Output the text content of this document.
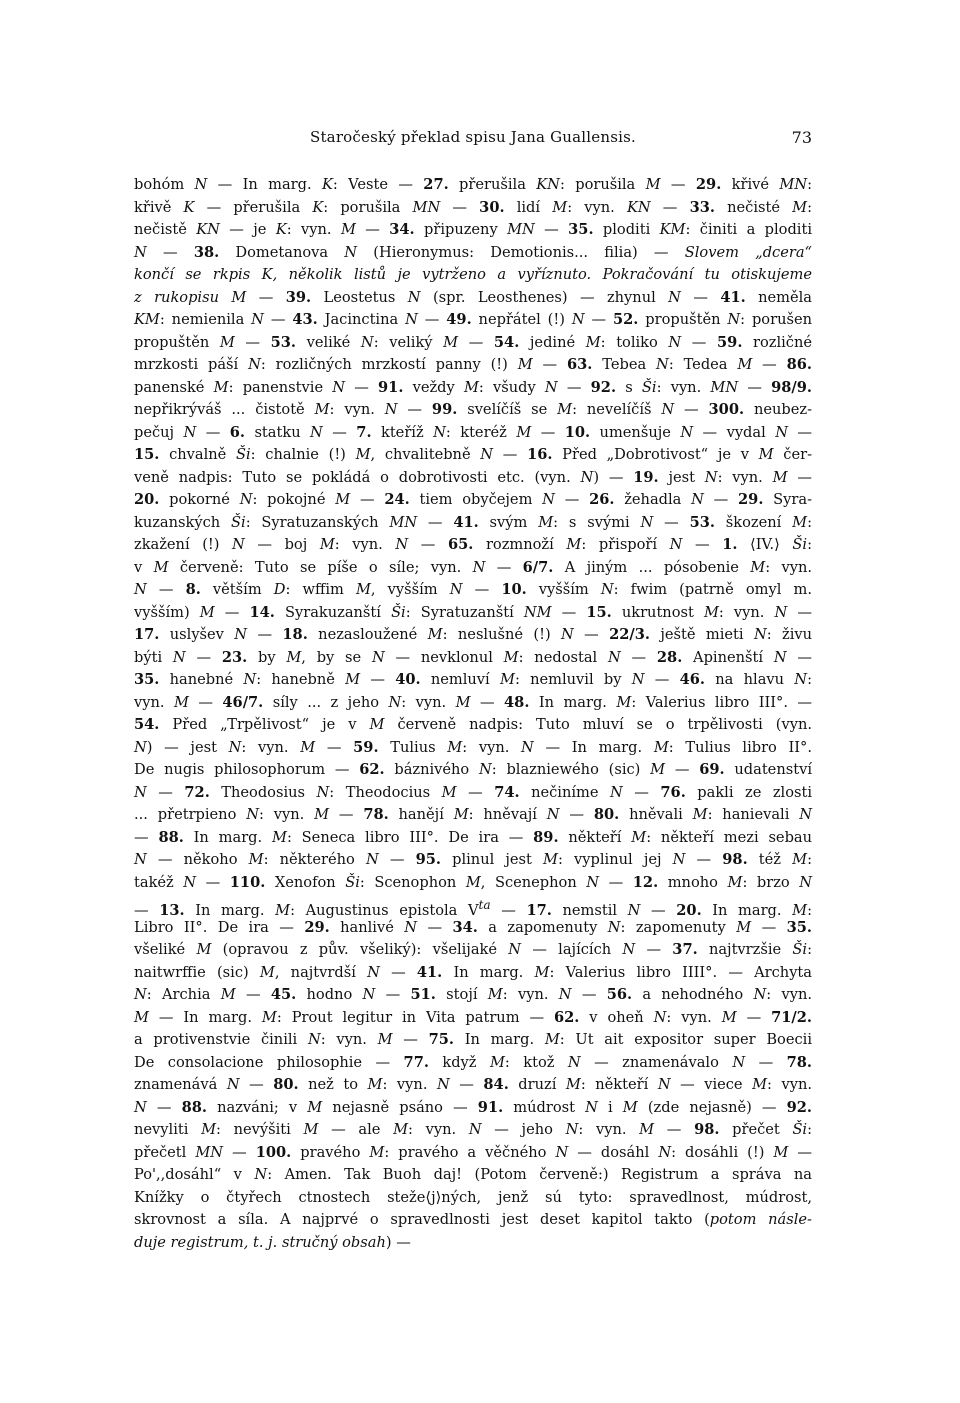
Staročeský překlad spisu Jana Guallensis.	73
bohóm N — In marg. K: Veste — 27. přerušila KN: porušila M — 29. křivé MN:
křivě K — přerušila K: porušila MN — 30. lidí M: vyn. KN — 33. nečisté M:
nečistě KN — je K: vyn. M — 34. připuzeny MN — 35. ploditi KM: činiti a ploditi
N — 38. Dometanova N (Hieronymus: Demotionis... filia) — Slovem „dcera“
končí se rkpis K, několik listů je vytrženo a vyříznuto. Pokračování tu otiskujeme
z rukopisu M — 39. Leostetus N (spr. Leosthenes) — zhynul N — 41. neměla
KM: nemienila N — 43. Jacinctina N — 49. nepřátel (!) N — 52. propuštěn N: porušen
propuštěn M — 53. veliké N: veliký M — 54. jediné M: toliko N — 59. rozličné
mrzkosti páší N: rozličných mrzkostí panny (!) M — 63. Tebea N: Tedea M — 86.
panenské M: panenstvie N — 91. veždy M: všudy N — 92. s Ši: vyn. MN — 98/9.
nepřikrýváš ... čistotě M: vyn. N — 99. svelíčíš se M: nevelíčíš N — 300. neubez-
pečuj N — 6. statku N — 7. kteříž N: kteréž M — 10. umenšuje N — vydal N —
15. chvalně Ši: chalnie (!) M, chvalitebně N — 16. Před „Dobrotivost“ je v M čer-
veně nadpis: Tuto se pokládá o dobrotivosti etc. (vyn. N) — 19. jest N: vyn. M —
20. pokorné N: pokojné M — 24. tiem obyčejem N — 26. žehadla N — 29. Syra-
kuzanských Ši: Syratuzanských MN — 41. svým M: s svými N — 53. škození M:
zkažení (!) N — boj M: vyn. N — 65. rozmnoží M: přispoří N — 1. ⟨IV.⟩ Ši:
v M červeně: Tuto se píše o síle; vyn. N — 6/7. A jiným ... pósobenie M: vyn.
N — 8. větším D: wffim M, vyšším N — 10. vyšším N: fwim (patrně omyl m.
vyšším) M — 14. Syrakuzanští Ši: Syratuzanští NM — 15. ukrutnost M: vyn. N —
17. uslyšev N — 18. nezasloužené M: neslušné (!) N — 22/3. ještě mieti N: živu
býti N — 23. by M, by se N — nevklonul M: nedostal N — 28. Apinenští N —
35. hanebné N: hanebně M — 40. nemluví M: nemluvil by N — 46. na hlavu N:
vyn. M — 46/7. síly ... z jeho N: vyn. M — 48. In marg. M: Valerius libro III°. —
54. Před „Trpělivost“ je v M červeně nadpis: Tuto mluví se o trpělivosti (vyn.
N) — jest N: vyn. M — 59. Tulius M: vyn. N — In marg. M: Tulius libro II°.
De nugis philosophorum — 62. báznivého N: blazniewého (sic) M — 69. udatenství
N — 72. Theodosius N: Theodocius M — 74. nečiníme N — 76. pakli ze zlosti
... přetrpieno N: vyn. M — 78. hanějí M: hněvají N — 80. hněvali M: hanievali N
— 88. In marg. M: Seneca libro III°. De ira — 89. někteří M: někteří mezi sebau
N — někoho M: některého N — 95. plinul jest M: vyplinul jej N — 98. též M:
takéž N — 110. Xenofon Ši: Scenophon M, Scenephon N — 12. mnoho M: brzo N
— 13. In marg. M: Augustinus epistola $V^{ta}$ — 17. nemstil N — 20. In marg. M:
Libro II°. De ira — 29. hanlivé N — 34. a zapomenuty N: zapomenuty M — 35.
všeliké M (opravou z pův. všeliký): všelijaké N — lajících N — 37. najtvrzšie Ši:
naitwrffie (sic) M, najtvrdší N — 41. In marg. M: Valerius libro IIII°. — Archyta
N: Archia M — 45. hodno N — 51. stojí M: vyn. N — 56. a nehodného N: vyn.
M — In marg. M: Prout legitur in Vita patrum — 62. v oheň N: vyn. M — 71/2.
a protivenstvie činili N: vyn. M — 75. In marg. M: Ut ait expositor super Boecii
De consolacione philosophie — 77. když M: ktož N — znamenávalo N — 78.
znamenává N — 80. než to M: vyn. N — 84. druzí M: někteří N — viece M: vyn.
N — 88. nazváni; v M nejasně psáno — 91. múdrost N i M (zde nejasně) — 92.
nevyliti M: nevýšiti M — ale M: vyn. N — jeho N: vyn. M — 98. přečet Ši:
přečetl MN — 100. pravého M: pravého a věčného N — dosáhl N: dosáhli (!) M —
Po',,dosáhl“ v N: Amen. Tak Buoh daj! (Potom červeně:) Registrum a správa na
Knížky o čtyřech ctnostech steže⟨j⟩ných, jenž sú tyto: spravedlnost, múdrost,
skrovnost a síla. A najprvé o spravedlnosti jest deset kapitol takto (potom násle-
duje registrum, t. j. stručný obsah) —
